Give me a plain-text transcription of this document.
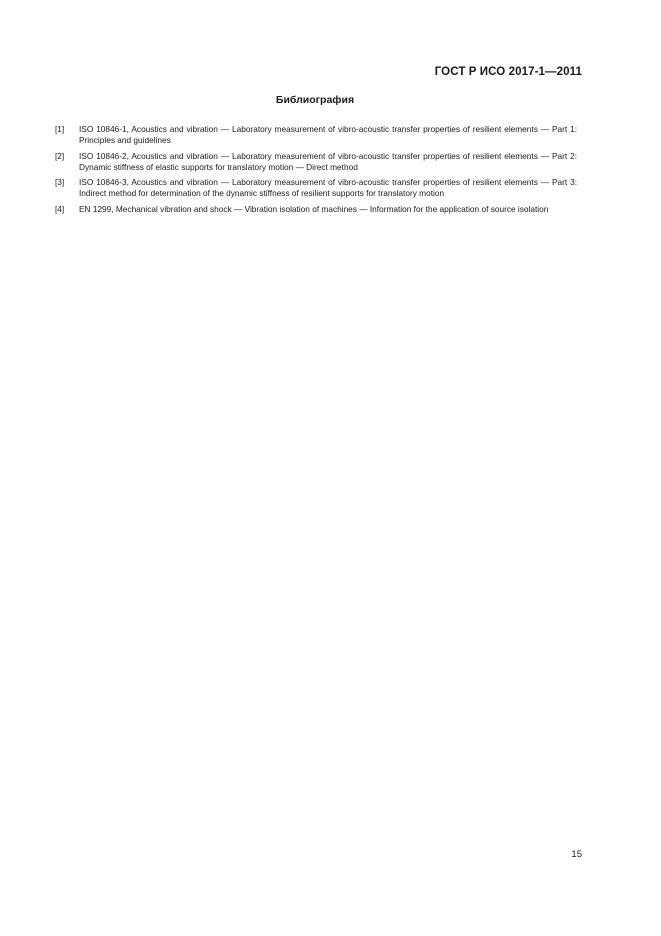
ГОСТ Р ИСО 2017-1—2011
Библиография
[1] ISO 10846-1, Acoustics and vibration — Laboratory measurement of vibro-acoustic transfer properties of resilient elements — Part 1: Principles and guidelines
[2] ISO 10846-2, Acoustics and vibration — Laboratory measurement of vibro-acoustic transfer properties of resilient elements — Part 2: Dynamic stiffness of elastic supports for translatory motion — Direct method
[3] ISO 10846-3, Acoustics and vibration — Laboratory measurement of vibro-acoustic transfer properties of resilient elements — Part 3: Indirect method for determination of the dynamic stiffness of resilient supports for translatory motion
[4] EN 1299, Mechanical vibration and shock — Vibration isolation of machines — Information for the application of source isolation
15
